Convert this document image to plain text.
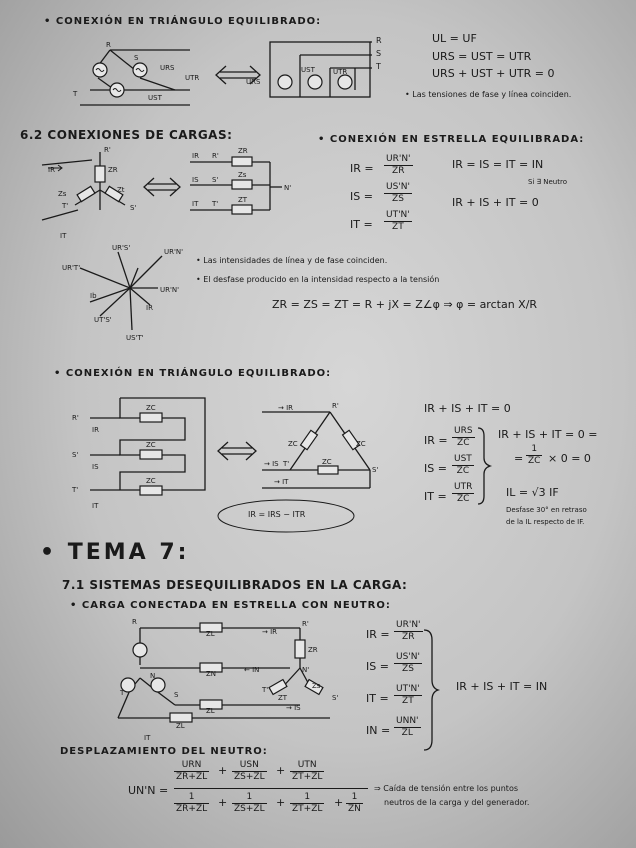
• CONEXIÓN EN TRIÁNGULO EQUILIBRADO:
R
S
T
URS
UST
UTR	URS
UST	UTR
R'
ZR
Zs	Zt
T'	S'
IR
IT
IR
IS
IT
R'
S'
T'
ZR
Zs
ZT
N'
UR'S'	UR'N'
UR'T'
UR'N'
Ib
UT'S'
US'T'
IR
R'
S'
T'
IR
IS
IT
ZC
ZC
ZC
→ IR	R'
ZC	ZC
ZC
→ IS T'
S'
→ IT
R
T
N
S
R'
ZL
ZN
ZL
ZL
ZR
Zs
ZT
→ IR
← IN
→ IS
T'
N'
S'
IT
UL = UF
URS = UST = UTR
URS + UST + UTR = 0
• Las tensiones de fase y línea coinciden.
R
S
T
6.2 CONEXIONES DE CARGAS:	• CONEXIÓN EN ESTRELLA EQUILIBRADA:
IR = $\frac{UR'N'}{ZR}$
IS = $\frac{US'N'}{ZS}$
IT = $\frac{UT'N'}{ZT}$
IR = IS = IT = IN
Si ∃ Neutro
IR + IS + IT = 0
• Las intensidades de línea y de fase coinciden.
• El desfase producido en la intensidad respecto a la tensión
ZR = ZS = ZT = R + jX = Z∠φ ⇒ φ = arctan X/R
• CONEXIÓN EN TRIÁNGULO EQUILIBRADO:
IR + IS + IT = 0
IR =
URS
ZC
IS =
UST
ZC
IT =
UTR
ZC
IR + IS + IT = 0 =
= $\frac{1}{ZC} \times 0 = 0$
IL = √3 IF
Desfase 30° en retraso
de la IL respecto de IF.
IR = IRS − ITR
• TEMA 7:
7.1 SISTEMAS DESEQUILIBRADOS EN LA CARGA:
• CARGA CONECTADA EN ESTRELLA CON NEUTRO:
IR = $\frac{UR'N'}{ZR}$
IS = $\frac{US'N'}{ZS}$
IT = $\frac{UT'N'}{ZT}$
IN =
UNN'
ZL
IR + IS + IT = IN
DESPLAZAMIENTO DEL NEUTRO:
UN'N =
URN
ZR+ZL +	USN
ZS+ZL +	UTN
ZT+ZL
$\frac{1}{ZR+ZL} + \frac{1}{ZS+ZL} + \frac{1}{ZT+ZL} + \frac{1}{ZN}$
⇒ Caída de tensión entre los puntos
neutros de la carga y del generador.
